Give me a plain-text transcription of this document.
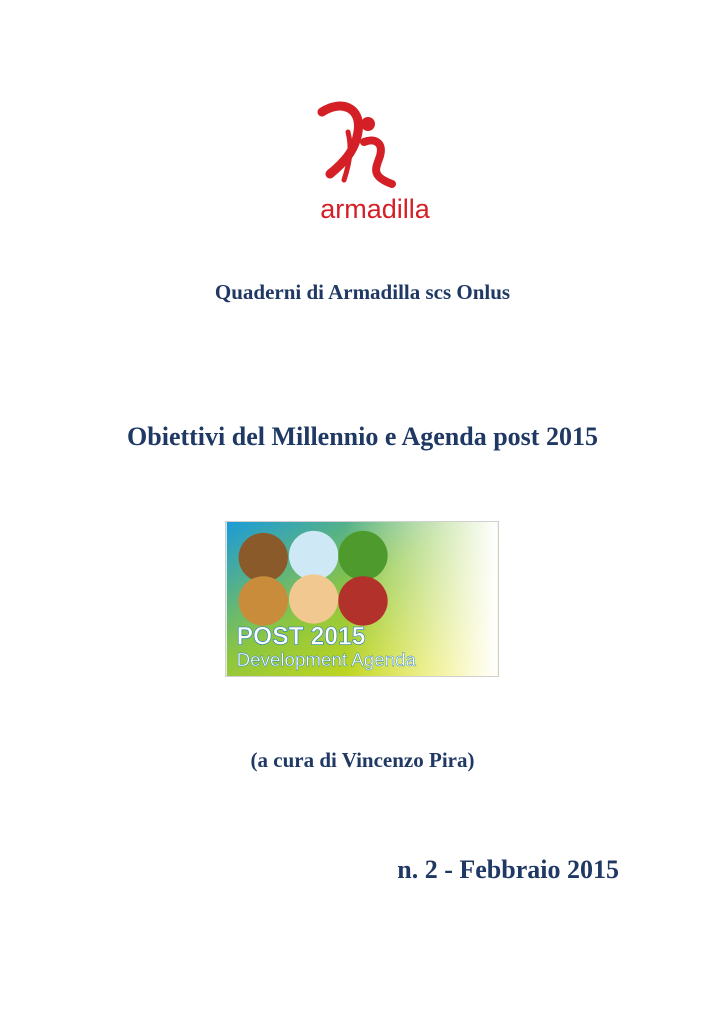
armadilla
Quaderni di Armadilla scs Onlus
Obiettivi del Millennio e Agenda post 2015
POST 2015
Development Agenda
(a cura di Vincenzo Pira)
n. 2 - Febbraio 2015
